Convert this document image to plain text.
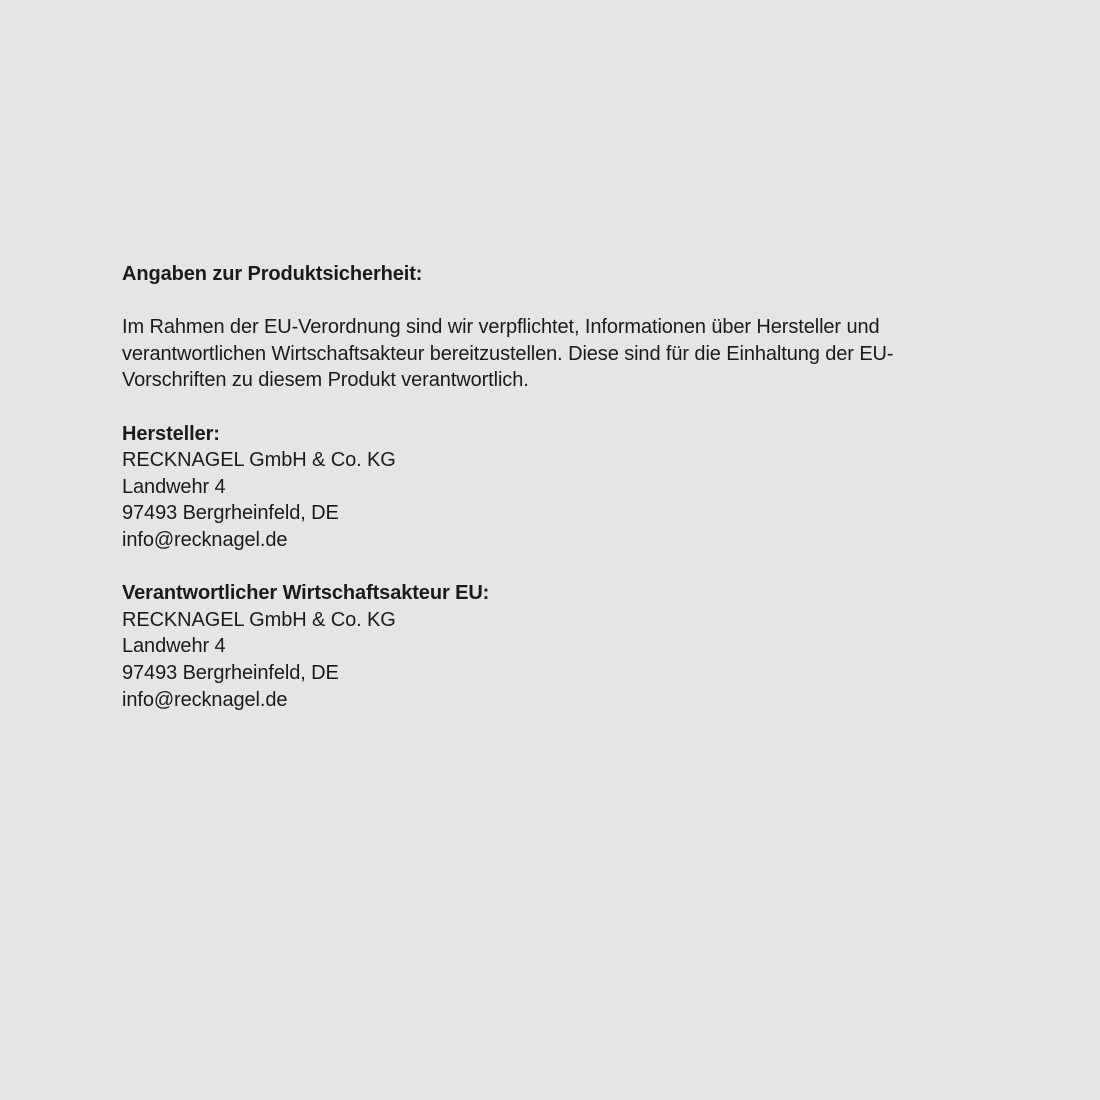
Angaben zur Produktsicherheit:

Im Rahmen der EU-Verordnung sind wir verpflichtet, Informationen über Hersteller und verantwortlichen Wirtschaftsakteur bereitzustellen. Diese sind für die Einhaltung der EU-Vorschriften zu diesem Produkt verantwortlich.

Hersteller:
RECKNAGEL GmbH & Co. KG
Landwehr 4
97493 Bergrheinfeld, DE
info@recknagel.de
Verantwortlicher Wirtschaftsakteur EU:
RECKNAGEL GmbH & Co. KG
Landwehr 4
97493 Bergrheinfeld, DE
info@recknagel.de
